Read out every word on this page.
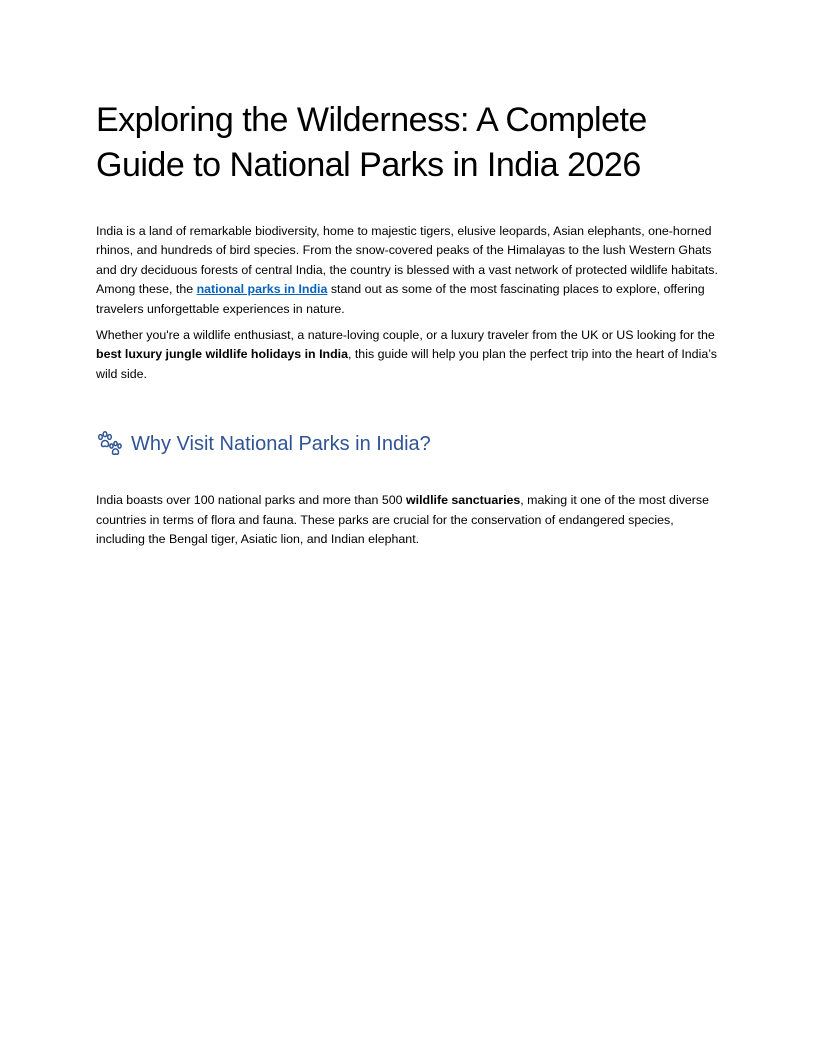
Exploring the Wilderness: A Complete Guide to National Parks in India 2026

India is a land of remarkable biodiversity, home to majestic tigers, elusive leopards, Asian elephants, one-horned rhinos, and hundreds of bird species. From the snow-covered peaks of the Himalayas to the lush Western Ghats and dry deciduous forests of central India, the country is blessed with a vast network of protected wildlife habitats. Among these, the national parks in India stand out as some of the most fascinating places to explore, offering travelers unforgettable experiences in nature.

Whether you're a wildlife enthusiast, a nature-loving couple, or a luxury traveler from the UK or US looking for the best luxury jungle wildlife holidays in India, this guide will help you plan the perfect trip into the heart of India’s wild side.

Why Visit National Parks in India?

India boasts over 100 national parks and more than 500 wildlife sanctuaries, making it one of the most diverse countries in terms of flora and fauna. These parks are crucial for the conservation of endangered species, including the Bengal tiger, Asiatic lion, and Indian elephant.
